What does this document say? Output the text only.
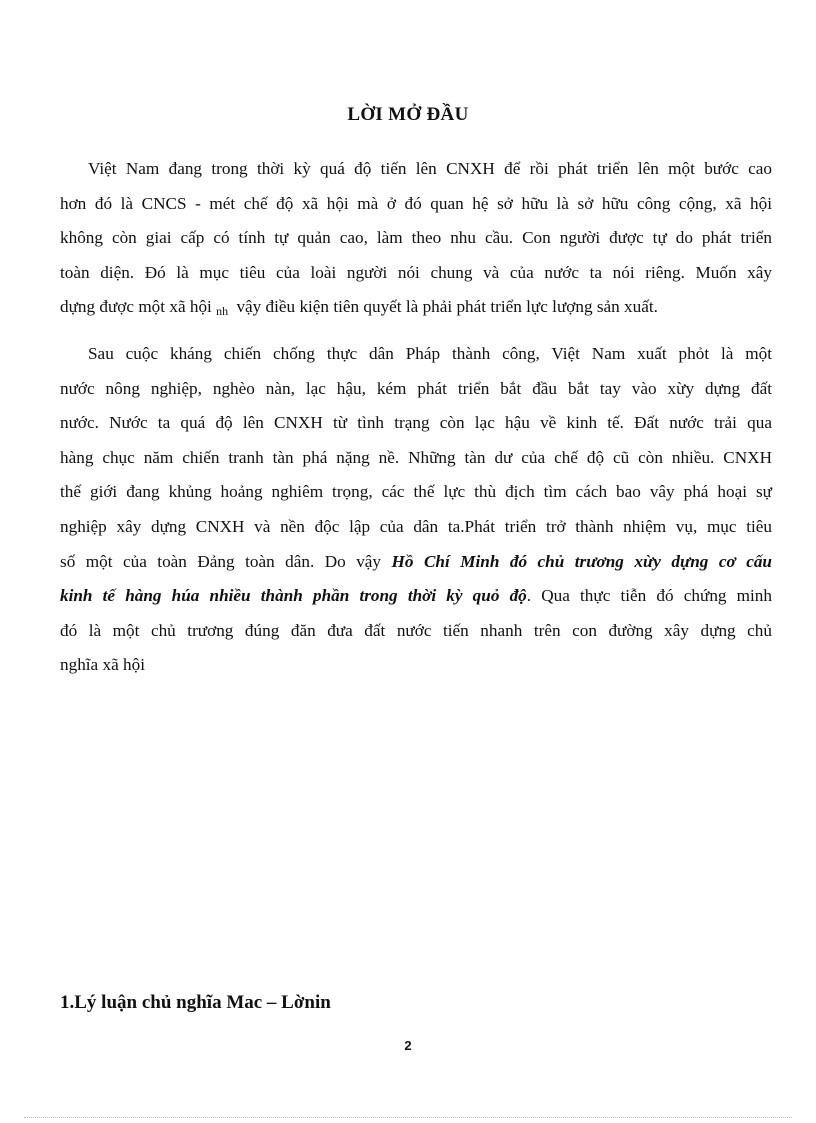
LỜI MỞ ĐẦU

Việt Nam đang trong thời kỳ quá độ tiến lên CNXH để rồi phát triển lên một bước cao
hơn đó là CNCS - mét chế độ xã hội mà ở đó quan hệ sở hữu là sở hữu công cộng, xã hội
không còn giai cấp có tính tự quản cao, làm theo nhu cầu. Con người được tự do phát triển
toàn diện. Đó là mục tiêu của loài người nói chung và của nước ta nói riêng. Muốn xây
dựng được một xã hội nh vậy điều kiện tiên quyết là phải phát triển lực lượng sản xuất.

Sau cuộc kháng chiến chống thực dân Pháp thành công, Việt Nam xuất phỏt là một
nước nông nghiệp, nghèo nàn, lạc hậu, kém phát triển bắt đầu bắt tay vào xừy dựng đất
nước. Nước ta quá độ lên CNXH từ tình trạng còn lạc hậu về kinh tế. Đất nước trải qua
hàng chục năm chiến tranh tàn phá nặng nề. Những tàn dư của chế độ cũ còn nhiều. CNXH
thế giới đang khủng hoảng nghiêm trọng, các thế lực thù địch tìm cách bao vây phá hoại sự
nghiệp xây dựng CNXH và nền độc lập của dân ta.Phát triển trở thành nhiệm vụ, mục tiêu
số một của toàn Đảng toàn dân. Do vậy Hồ Chí Minh đó chủ trương xừy dựng cơ cấu
kinh tế hàng húa nhiều thành phần trong thời kỳ quỏ độ. Qua thực tiễn đó chứng minh
đó là một chủ trương đúng đăn đưa đất nước tiến nhanh trên con đường xây dựng chủ
nghĩa xã hội

1.Lý luận chủ nghĩa Mac – Lờnin
2
